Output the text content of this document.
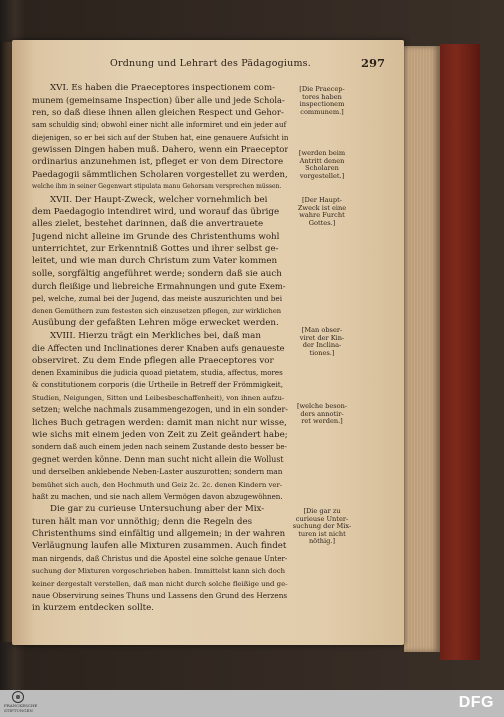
Ordnung und Lehrart des Pädagogiums.	297
XVI. Es haben die Praeceptores inspectionem com-
munem (gemeinsame Inspection) über alle und jede Schola-
ren, so daß diese ihnen allen gleichen Respect und Gehor-
sam schuldig sind; obwohl einer nicht alle informiret und ein jeder auf
diejenigen, so er bei sich auf der Stuben hat, eine genauere Aufsicht in
gewissen Dingen haben muß. Dahero, wenn ein Praeceptor
ordinarius anzunehmen ist, pfleget er von dem Directore
Paedagogii sämmtlichen Scholaren vorgestellet zu werden,
welche ihm in seiner Gegenwart stipulata manu Gehorsam versprechen müssen.
XVII. Der Haupt-Zweck, welcher vornehmlich bei
dem Paedagogio intendiret wird, und worauf das übrige
alles zielet, bestehet darinnen, daß die anvertrauete
Jugend nicht alleine im Grunde des Christenthums wohl
unterrichtet, zur Erkenntniß Gottes und ihrer selbst ge-
leitet, und wie man durch Christum zum Vater kommen
solle, sorgfältig angeführet werde; sondern daß sie auch
durch fleißige und liebreiche Ermahnungen und gute Exem-
pel, welche, zumal bei der Jugend, das meiste auszurichten und bei
denen Gemüthern zum festesten sich einzusetzen pflegen, zur wirklichen
Ausübung der gefaßten Lehren möge erwecket werden.
XVIII. Hierzu trägt ein Merkliches bei, daß man
die Affecten und Inclinationes derer Knaben aufs genaueste
observiret. Zu dem Ende pflegen alle Praeceptores vor
denen Examinibus die judicia quoad pietatem, studia, affectus, mores
& constitutionem corporis (die Urtheile in Betreff der Frömmigkeit,
Studien, Neigungen, Sitten und Leibesbeschaffenheit), von ihnen aufzu-
setzen; welche nachmals zusammengezogen, und in ein sonder-
liches Buch getragen werden: damit man nicht nur wisse,
wie sichs mit einem jeden von Zeit zu Zeit geändert habe;
sondern daß auch einem jeden nach seinem Zustande desto besser be-
gegnet werden könne. Denn man sucht nicht allein die Wollust
und derselben anklebende Neben-Laster auszurotten; sondern man
bemühet sich auch, den Hochmuth und Geiz 2c. 2c. denen Kindern ver-
haßt zu machen, und sie nach allem Vermögen davon abzugewöhnen.
Die gar zu curieuse Untersuchung aber der Mix-
turen hält man vor unnöthig; denn die Regeln des
Christenthums sind einfältig und allgemein; in der wahren
Verläugnung laufen alle Mixturen zusammen. Auch findet
man nirgends, daß Christus und die Apostel eine solche genaue Unter-
suchung der Mixturen vorgeschrieben haben. Immittelst kann sich doch
keiner dergestalt verstellen, daß man nicht durch solche fleißige und ge-
naue Observirung seines Thuns und Lassens den Grund des Herzens
in kurzem entdecken sollte.
[Die Praecep-
tores haben
inspectionem
communem.]
[werden beim
Antritt denen
Scholaren
vorgestellet.]
[Der Haupt-
Zweck ist eine
wahre Furcht
Gottes.]
[Man obser-
viret der Kin-
der Inclina-
tiones.]
[welche beson-
ders annotir-
ret werden.]
[Die gar zu
curieuse Unter-
suchung der Mix-
turen ist nicht
nöthig.]
FRANCKESCHE
STIFTUNGEN	DFG
